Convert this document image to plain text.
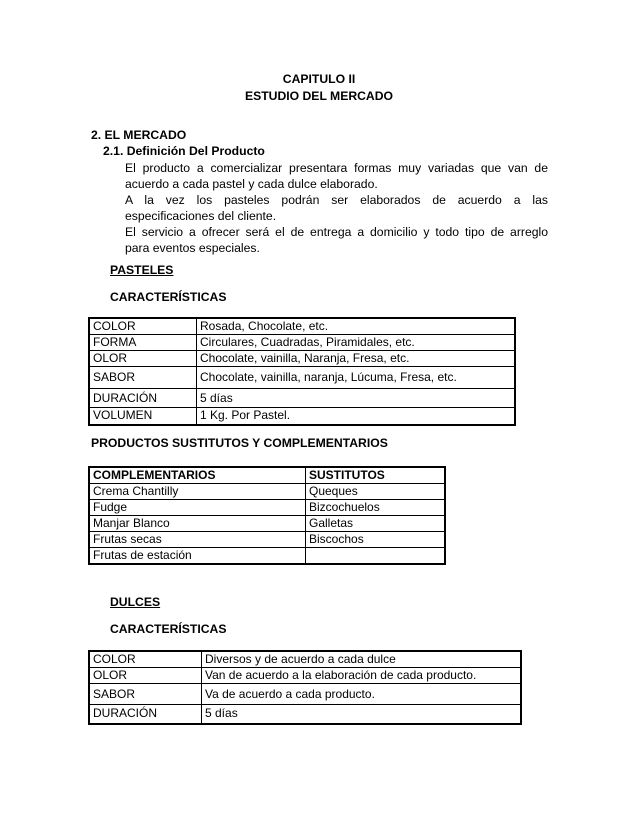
CAPITULO II
ESTUDIO DEL MERCADO
2. EL MERCADO
2.1. Definición Del Producto
El producto a comercializar presentara formas muy variadas que van de
acuerdo a cada pastel y cada dulce elaborado.
A la vez los pasteles podrán ser elaborados de acuerdo a las
especificaciones del cliente.
El servicio a ofrecer será el de entrega a domicilio y todo tipo de arreglo
para eventos especiales.
PASTELES
CARACTERÍSTICAS
COLOR	Rosada, Chocolate, etc.
FORMA	Circulares, Cuadradas, Piramidales, etc.
OLOR	Chocolate, vainilla, Naranja, Fresa, etc.
SABOR	Chocolate, vainilla, naranja, Lúcuma, Fresa, etc.
DURACIÓN	5 días
VOLUMEN	1 Kg. Por Pastel.
PRODUCTOS SUSTITUTOS Y COMPLEMENTARIOS
COMPLEMENTARIOS	SUSTITUTOS
Crema Chantilly	Queques
Fudge	Bizcochuelos
Manjar Blanco	Galletas
Frutas secas	Biscochos
Frutas de estación	
DULCES
CARACTERÍSTICAS
COLOR	Diversos y de acuerdo a cada dulce
OLOR	Van de acuerdo a la elaboración de cada producto.
SABOR	Va de acuerdo a cada producto.
DURACIÓN	5 días
